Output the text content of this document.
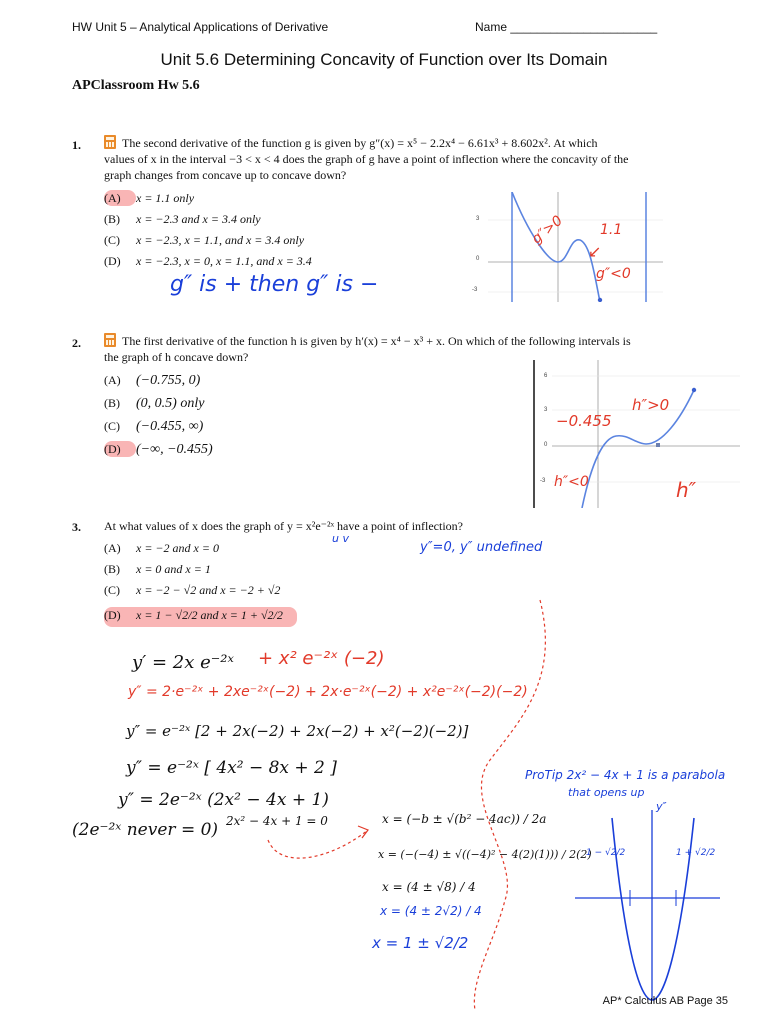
HW Unit 5 – Analytical Applications of Derivative	Name ______________________
Unit 5.6 Determining Concavity of Function over Its Domain
APClassroom Hw 5.6
1.	The second derivative of the function g is given by g″(x) = x⁵ − 2.2x⁴ − 6.61x³ + 8.602x². At which
values of x in the interval −3 < x < 4 does the graph of g have a point of inflection where the concavity of the
graph changes from concave up to concave down?
(A) x = 1.1 only
(B) x = −2.3 and x = 3.4 only
(C) x = −2.3, x = 1.1, and x = 3.4 only
(D) x = −2.3, x = 0, x = 1.1, and x = 3.4
g″ is + then g″ is −
3
0
-3
g″>0 1.1
↙
g″<0
2.	The first derivative of the function h is given by h′(x) = x⁴ − x³ + x. On which of the following intervals is
the graph of h concave down?
(A) (−0.755, 0)
(B) (0, 0.5) only
(C) (−0.455, ∞)
(D) (−∞, −0.455)
6
3
0
-3
−0.455
h″>0
h″<0	h″
3. At what values of x does the graph of y = x²e⁻²ˣ have a point of inflection?
u v
y″=0, y″ undefined
(A) x = −2 and x = 0
(B) x = 0 and x = 1
(C) x = −2 − √2 and x = −2 + √2
(D) x = 1 − √2/2 and x = 1 + √2/2
y′ = 2x e⁻²ˣ + x² e⁻²ˣ (−2)
y″ = 2·e⁻²ˣ + 2xe⁻²ˣ(−2) + 2x·e⁻²ˣ(−2) + x²e⁻²ˣ(−2)(−2)
y″ = e⁻²ˣ [2 + 2x(−2) + 2x(−2) + x²(−2)(−2)]
y″ = e⁻²ˣ [ 4x² − 8x + 2 ]
y″ = 2e⁻²ˣ (2x² − 4x + 1)
(2e⁻²ˣ never = 0) 2x² − 4x + 1 = 0	x = (−b ± √(b² − 4ac)) / 2a
x = (−(−4) ± √((−4)² − 4(2)(1))) / 2(2)
x = (4 ± √8) / 4
x = (4 ± 2√2) / 4
x = 1 ± √2/2
ProTip 2x² − 4x + 1 is a parabola
that opens up
y″
1 − √2/2	1 + √2/2
AP* Calculus AB Page 35
